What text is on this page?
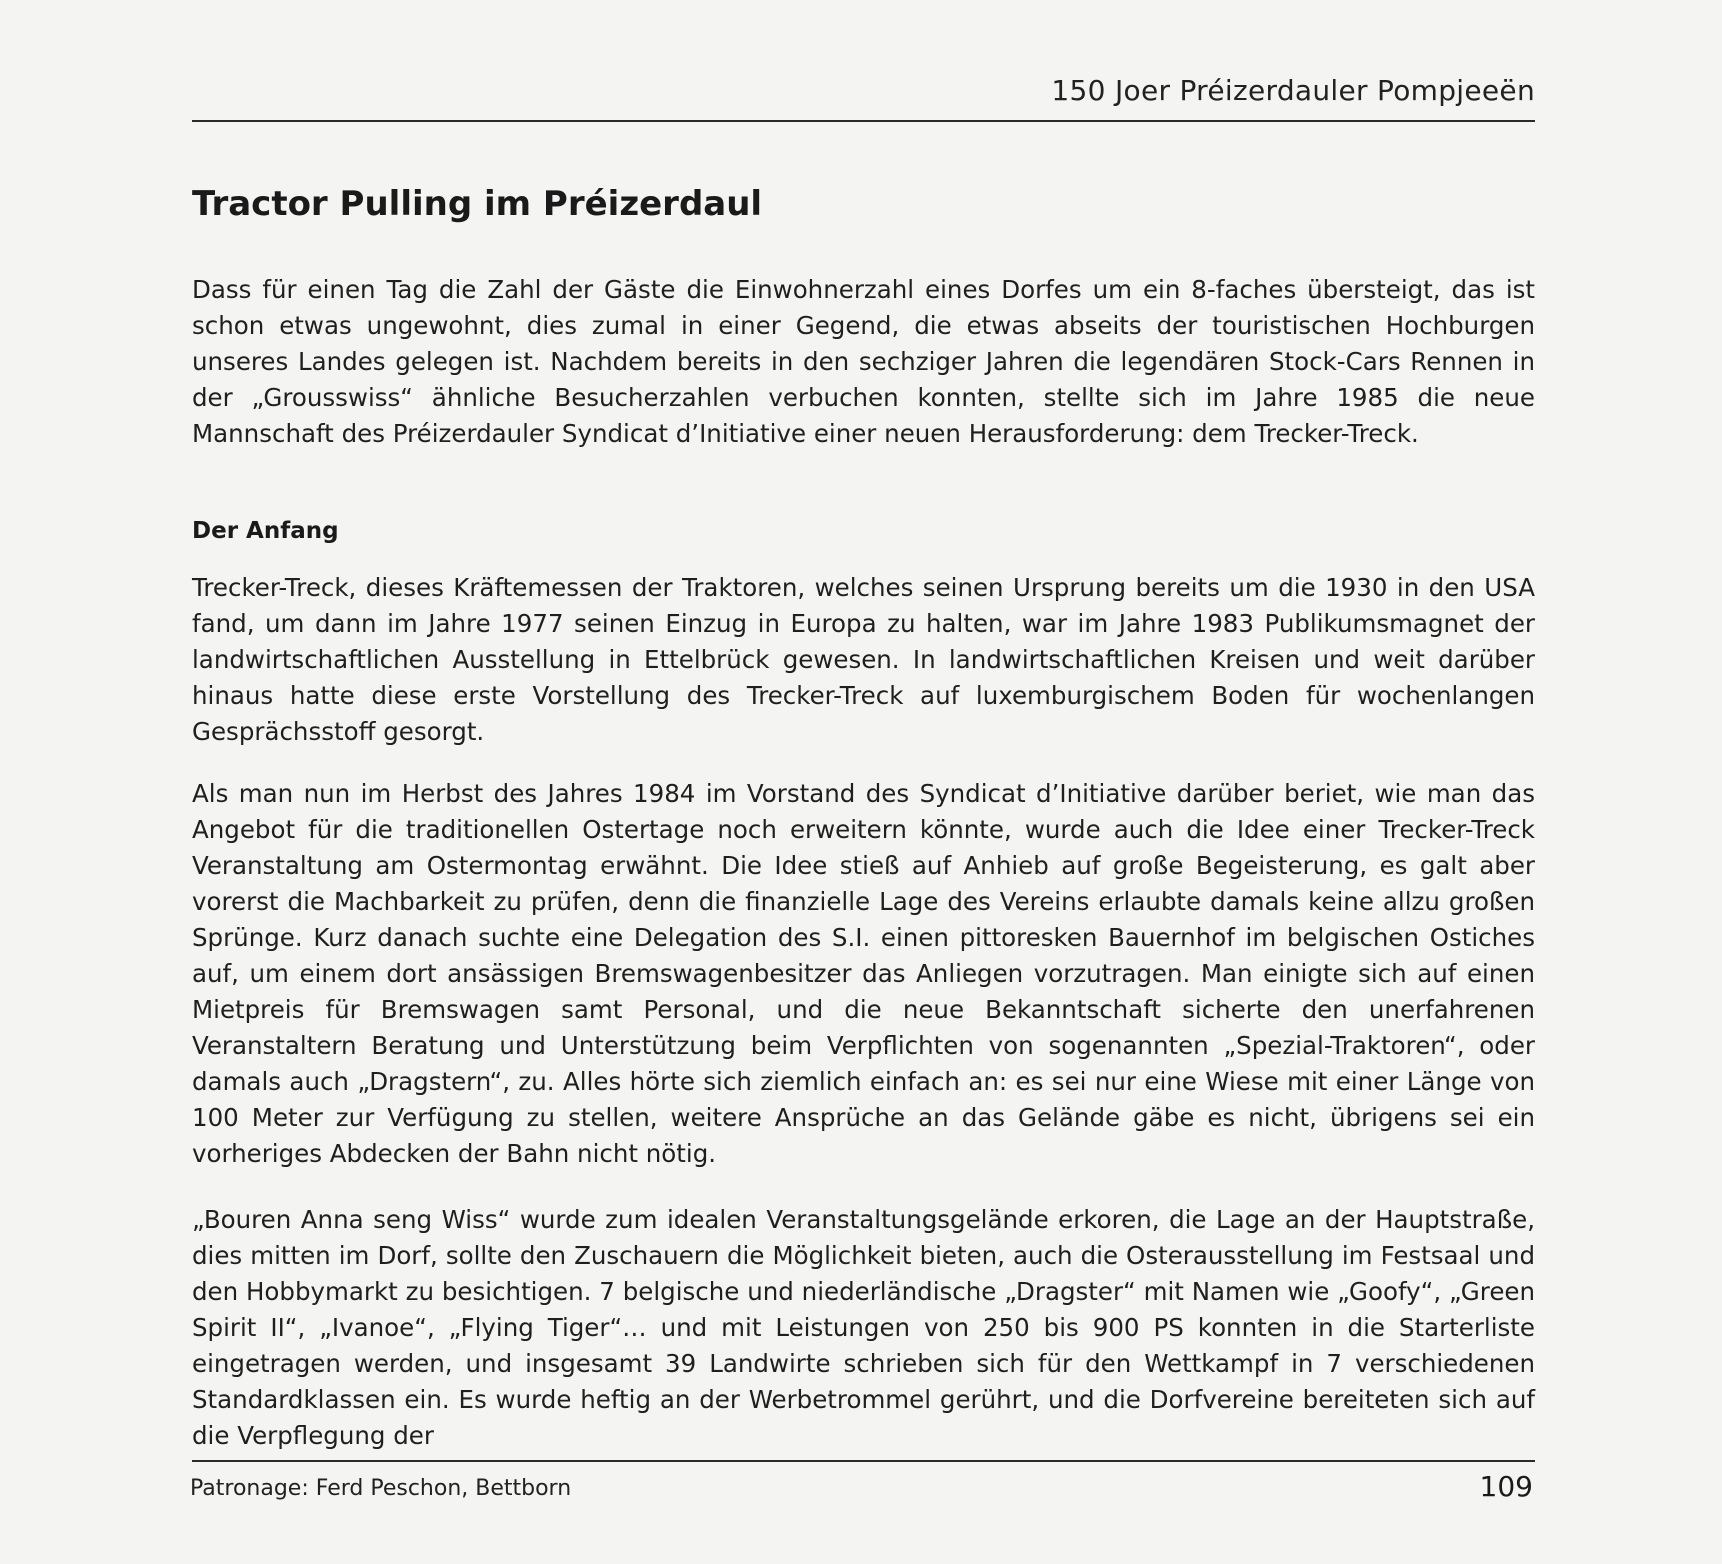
150 Joer Préizerdauler Pompjeeën
Tractor Pulling im Préizerdaul

Dass für einen Tag die Zahl der Gäste die Einwohnerzahl eines Dorfes um ein 8-faches übersteigt, das ist schon etwas ungewohnt, dies zumal in einer Gegend, die etwas abseits der touristischen Hochburgen unseres Landes gelegen ist. Nachdem bereits in den sechziger Jahren die legendären Stock-Cars Rennen in der „Grousswiss“ ähnliche Besucherzahlen verbuchen konnten, stellte sich im Jahre 1985 die neue Mannschaft des Préizerdauler Syndicat d’Initiative einer neuen Herausforderung: dem Trecker-Treck.

Der Anfang

Trecker-Treck, dieses Kräftemessen der Traktoren, welches seinen Ursprung bereits um die 1930 in den USA fand, um dann im Jahre 1977 seinen Einzug in Europa zu halten, war im Jahre 1983 Publikumsmagnet der landwirtschaftlichen Ausstellung in Ettelbrück gewesen. In landwirtschaftlichen Kreisen und weit darüber hinaus hatte diese erste Vorstellung des Trecker-Treck auf luxemburgischem Boden für wochenlangen Gesprächsstoff gesorgt.

Als man nun im Herbst des Jahres 1984 im Vorstand des Syndicat d’Initiative darüber beriet, wie man das Angebot für die traditionellen Ostertage noch erweitern könnte, wurde auch die Idee einer Trecker-Treck Veranstaltung am Ostermontag erwähnt. Die Idee stieß auf Anhieb auf große Begeisterung, es galt aber vorerst die Machbarkeit zu prüfen, denn die finanzielle Lage des Vereins erlaubte damals keine allzu großen Sprünge. Kurz danach suchte eine Delegation des S.I. einen pittoresken Bauernhof im belgischen Ostiches auf, um einem dort ansässigen Bremswagenbesitzer das Anliegen vorzutragen. Man einigte sich auf einen Mietpreis für Bremswagen samt Personal, und die neue Bekanntschaft sicherte den unerfahrenen Veranstaltern Beratung und Unterstützung beim Verpflichten von sogenannten „Spezial-Traktoren“, oder damals auch „Dragstern“, zu. Alles hörte sich ziemlich einfach an: es sei nur eine Wiese mit einer Länge von 100 Meter zur Verfügung zu stellen, weitere Ansprüche an das Gelände gäbe es nicht, übrigens sei ein vorheriges Abdecken der Bahn nicht nötig.

„Bouren Anna seng Wiss“ wurde zum idealen Veranstaltungsgelände erkoren, die Lage an der Hauptstraße, dies mitten im Dorf, sollte den Zuschauern die Möglichkeit bieten, auch die Osterausstellung im Festsaal und den Hobbymarkt zu besichtigen. 7 belgische und niederländische „Dragster“ mit Namen wie „Goofy“, „Green Spirit II“, „Ivanoe“, „Flying Tiger“… und mit Leistungen von 250 bis 900 PS konnten in die Starterliste eingetragen werden, und insgesamt 39 Landwirte schrieben sich für den Wettkampf in 7 verschiedenen Standardklassen ein. Es wurde heftig an der Werbetrommel gerührt, und die Dorfvereine bereiteten sich auf die Verpflegung der

Patronage: Ferd Peschon, Bettborn	109
